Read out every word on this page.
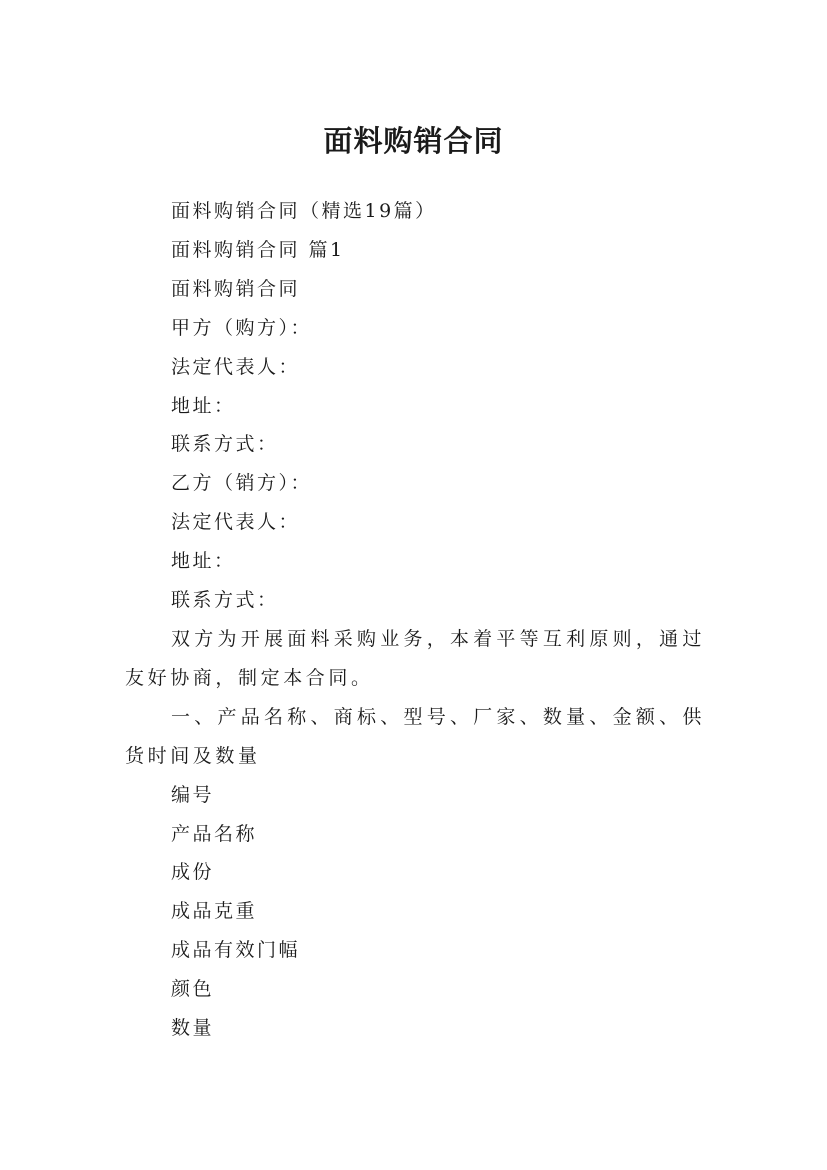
面料购销合同

面料购销合同（精选19篇）

面料购销合同 篇1

面料购销合同

甲方（购方）：

法定代表人：

地址：

联系方式：

乙方（销方）：

法定代表人：

地址：

联系方式：

双方为开展面料采购业务，本着平等互利原则，通过友好协商，制定本合同。

一、产品名称、商标、型号、厂家、数量、金额、供货时间及数量

编号

产品名称

成份

成品克重

成品有效门幅

颜色

数量
